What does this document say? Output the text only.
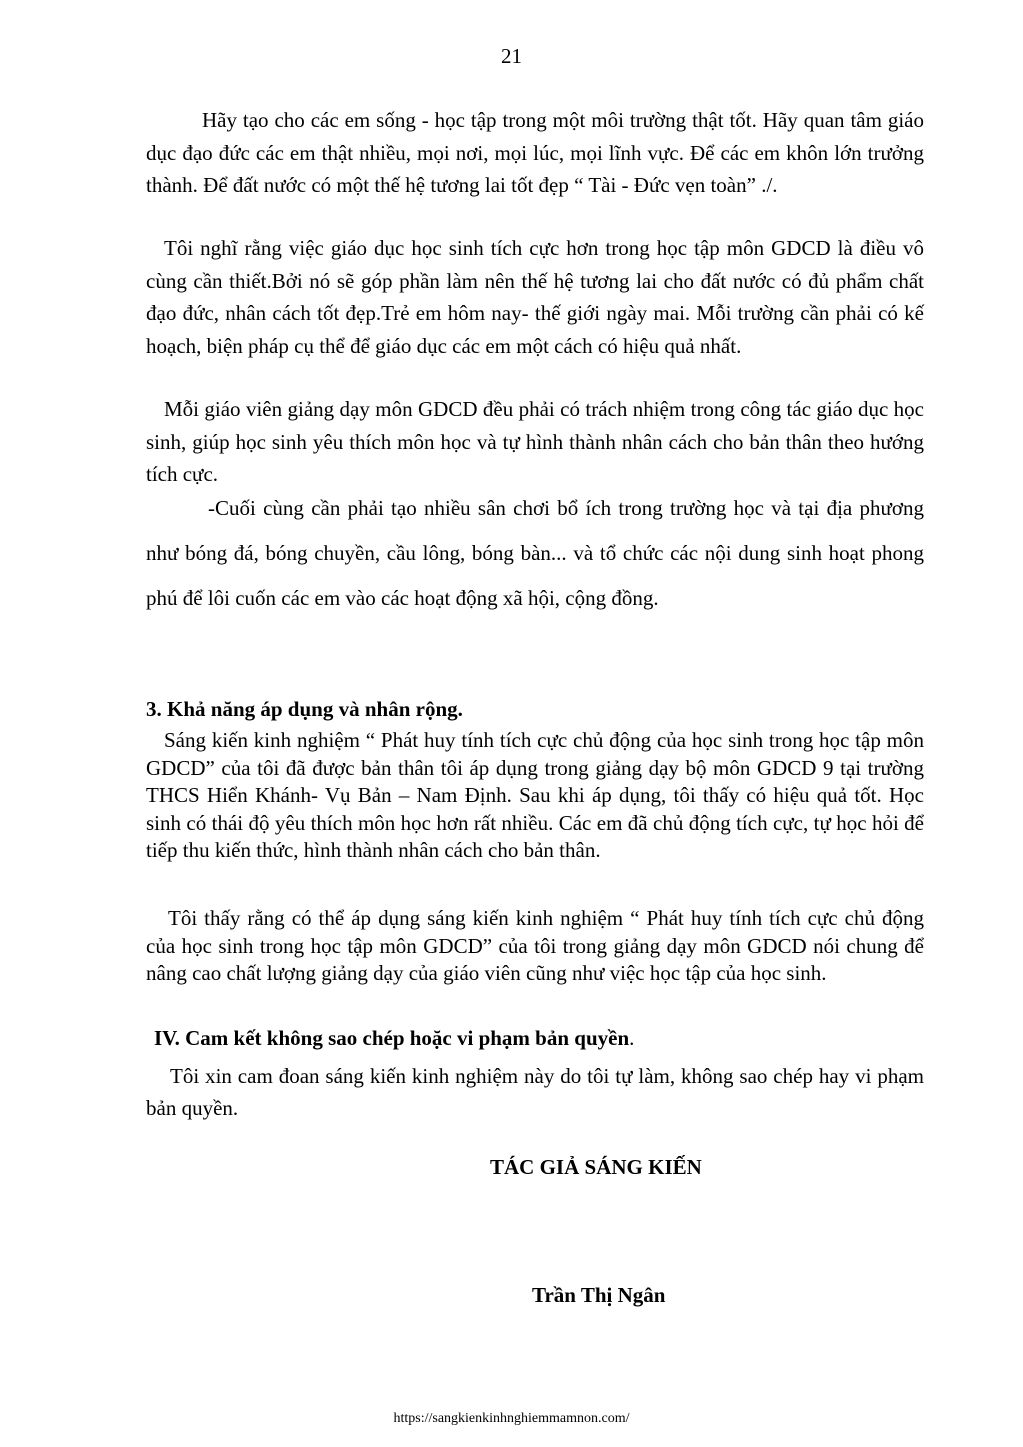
21

Hãy tạo cho các em sống - học tập trong một môi trường thật tốt. Hãy quan tâm giáo dục đạo đức các em thật nhiều, mọi nơi, mọi lúc, mọi lĩnh vực. Để các em khôn lớn trưởng thành. Để đất nước có một thế hệ tương lai tốt đẹp “ Tài - Đức vẹn toàn” ./.

Tôi nghĩ rằng việc giáo dục học sinh tích cực hơn trong học tập môn GDCD là điều vô cùng cần thiết.Bởi nó sẽ góp phần làm nên thế hệ tương lai cho đất nước có đủ phẩm chất đạo đức, nhân cách tốt đẹp.Trẻ em hôm nay- thế giới ngày mai. Mỗi trường cần phải có kế hoạch, biện pháp cụ thể để giáo dục các em một cách có hiệu quả nhất.

Mỗi giáo viên giảng dạy môn GDCD đều phải có trách nhiệm trong công tác giáo dục học sinh, giúp học sinh yêu thích môn học và tự hình thành nhân cách cho bản thân theo hướng tích cực.

-Cuối cùng cần phải tạo nhiều sân chơi bổ ích trong trường học và tại địa phương như bóng đá, bóng chuyền, cầu lông, bóng bàn... và tổ chức các nội dung sinh hoạt phong phú để lôi cuốn các em vào các hoạt động xã hội, cộng đồng.

3. Khả năng áp dụng và nhân rộng.

Sáng kiến kinh nghiệm “ Phát huy tính tích cực chủ động của học sinh trong học tập môn GDCD” của tôi đã được bản thân tôi áp dụng trong giảng dạy bộ môn GDCD 9 tại trường THCS Hiển Khánh- Vụ Bản – Nam Định. Sau khi áp dụng, tôi thấy có hiệu quả tốt. Học sinh có thái độ yêu thích môn học hơn rất nhiều. Các em đã chủ động tích cực, tự học hỏi để tiếp thu kiến thức, hình thành nhân cách cho bản thân.

Tôi thấy rằng có thể áp dụng sáng kiến kinh nghiệm “ Phát huy tính tích cực chủ động của học sinh trong học tập môn GDCD” của tôi trong giảng dạy môn GDCD nói chung để nâng cao chất lượng giảng dạy của giáo viên cũng như việc học tập của học sinh.

IV. Cam kết không sao chép hoặc vi phạm bản quyền.

Tôi xin cam đoan sáng kiến kinh nghiệm này do tôi tự làm, không sao chép hay vi phạm bản quyền.

TÁC GIẢ SÁNG KIẾN

Trần Thị Ngân

https://sangkienkinhnghiemmamnon.com/
